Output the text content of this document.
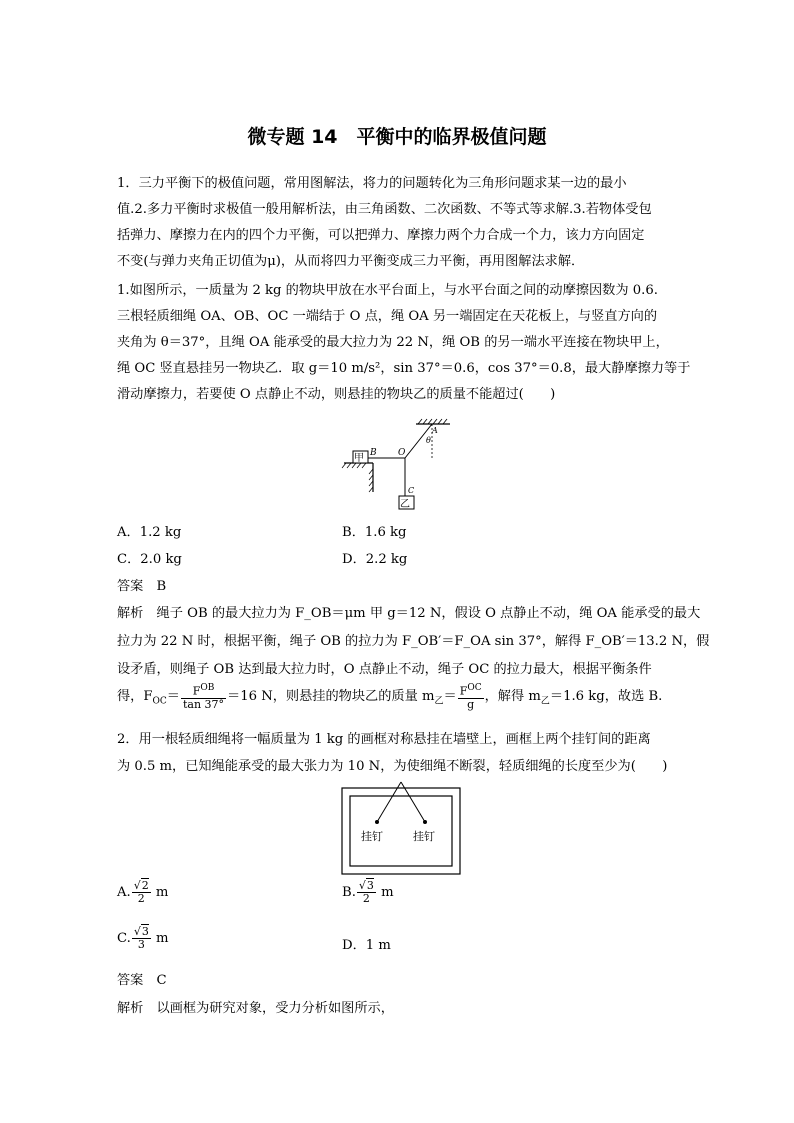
微专题 14　平衡中的临界极值问题
1．三力平衡下的极值问题，常用图解法，将力的问题转化为三角形问题求某一边的最小
值.2.多力平衡时求极值一般用解析法，由三角函数、二次函数、不等式等求解.3.若物体受包
括弹力、摩擦力在内的四个力平衡，可以把弹力、摩擦力两个力合成一个力，该力方向固定
不变(与弹力夹角正切值为μ)，从而将四力平衡变成三力平衡，再用图解法求解．
1.如图所示，一质量为 2 kg 的物块甲放在水平台面上，与水平台面之间的动摩擦因数为 0.6.
三根轻质细绳 OA、OB、OC 一端结于 O 点，绳 OA 另一端固定在天花板上，与竖直方向的
夹角为 θ＝37°，且绳 OA 能承受的最大拉力为 22 N，绳 OB 的另一端水平连接在物块甲上，
绳 OC 竖直悬挂另一物块乙．取 g＝10 m/s²，sin 37°＝0.6，cos 37°＝0.8，最大静摩擦力等于
滑动摩擦力，若要使 O 点静止不动，则悬挂的物块乙的质量不能超过(　　)
甲
乙
B O
A
θ
C
A．1.2 kg	B．1.6 kg
C．2.0 kg	D．2.2 kg
答案　B
解析　绳子 OB 的最大拉力为 F_OB＝μm 甲 g＝12 N，假设 O 点静止不动，绳 OA 能承受的最大
拉力为 22 N 时，根据平衡，绳子 OB 的拉力为 F_OB′＝F_OA sin 37°，解得 F_OB′＝13.2 N，假
设矛盾，则绳子 OB 达到最大拉力时，O 点静止不动，绳子 OC 的拉力最大，根据平衡条件
得，$F_{OC}= \frac{F^{OB}}{\tan 37^\circ} =16$ N，则悬挂的物块乙的质量 $m_乙= \frac{F^{OC}}{g}$ ，解得 $m_乙=1.6$ kg，故选 B.
2．用一根轻质细绳将一幅质量为 1 kg 的画框对称悬挂在墙壁上，画框上两个挂钉间的距离
为 0.5 m，已知绳能承受的最大张力为 10 N，为使细绳不断裂，轻质细绳的长度至少为(　　)
挂钉	挂钉
A. $\frac{√2}{2}$ m	B. $\frac{√3}{2}$ m
C. $\frac{√3}{3}$ m	D．1 m
答案　C
解析　以画框为研究对象，受力分析如图所示，
